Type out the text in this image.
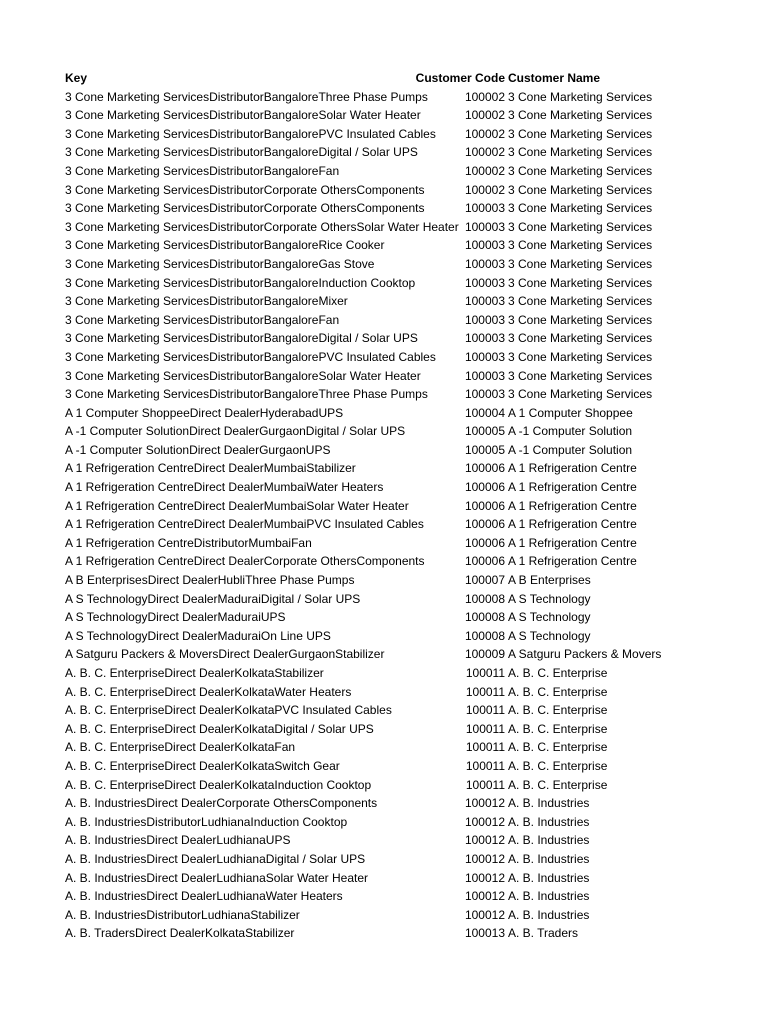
Key	Customer Code Customer Name
3 Cone Marketing ServicesDistributorBangaloreThree Phase Pumps	100002 3 Cone Marketing Services
3 Cone Marketing ServicesDistributorBangaloreSolar Water Heater	100002 3 Cone Marketing Services
3 Cone Marketing ServicesDistributorBangalorePVC Insulated Cables	100002 3 Cone Marketing Services
3 Cone Marketing ServicesDistributorBangaloreDigital / Solar UPS	100002 3 Cone Marketing Services
3 Cone Marketing ServicesDistributorBangaloreFan	100002 3 Cone Marketing Services
3 Cone Marketing ServicesDistributorCorporate OthersComponents	100002 3 Cone Marketing Services
3 Cone Marketing ServicesDistributorCorporate OthersComponents	100003 3 Cone Marketing Services
3 Cone Marketing ServicesDistributorCorporate OthersSolar Water Heater 100003 3 Cone Marketing Services
3 Cone Marketing ServicesDistributorBangaloreRice Cooker	100003 3 Cone Marketing Services
3 Cone Marketing ServicesDistributorBangaloreGas Stove	100003 3 Cone Marketing Services
3 Cone Marketing ServicesDistributorBangaloreInduction Cooktop	100003 3 Cone Marketing Services
3 Cone Marketing ServicesDistributorBangaloreMixer	100003 3 Cone Marketing Services
3 Cone Marketing ServicesDistributorBangaloreFan	100003 3 Cone Marketing Services
3 Cone Marketing ServicesDistributorBangaloreDigital / Solar UPS	100003 3 Cone Marketing Services
3 Cone Marketing ServicesDistributorBangalorePVC Insulated Cables	100003 3 Cone Marketing Services
3 Cone Marketing ServicesDistributorBangaloreSolar Water Heater	100003 3 Cone Marketing Services
3 Cone Marketing ServicesDistributorBangaloreThree Phase Pumps	100003 3 Cone Marketing Services
A 1 Computer ShoppeeDirect DealerHyderabadUPS	100004 A 1 Computer Shoppee
A -1 Computer SolutionDirect DealerGurgaonDigital / Solar UPS	100005 A -1 Computer Solution
A -1 Computer SolutionDirect DealerGurgaonUPS	100005 A -1 Computer Solution
A 1 Refrigeration CentreDirect DealerMumbaiStabilizer	100006 A 1 Refrigeration Centre
A 1 Refrigeration CentreDirect DealerMumbaiWater Heaters	100006 A 1 Refrigeration Centre
A 1 Refrigeration CentreDirect DealerMumbaiSolar Water Heater	100006 A 1 Refrigeration Centre
A 1 Refrigeration CentreDirect DealerMumbaiPVC Insulated Cables	100006 A 1 Refrigeration Centre
A 1 Refrigeration CentreDistributorMumbaiFan	100006 A 1 Refrigeration Centre
A 1 Refrigeration CentreDirect DealerCorporate OthersComponents	100006 A 1 Refrigeration Centre
A B EnterprisesDirect DealerHubliThree Phase Pumps	100007 A B Enterprises
A S TechnologyDirect DealerMaduraiDigital / Solar UPS	100008 A S Technology
A S TechnologyDirect DealerMaduraiUPS	100008 A S Technology
A S TechnologyDirect DealerMaduraiOn Line UPS	100008 A S Technology
A Satguru Packers & MoversDirect DealerGurgaonStabilizer	100009 A Satguru Packers & Movers
A. B. C. EnterpriseDirect DealerKolkataStabilizer	100011 A. B. C. Enterprise
A. B. C. EnterpriseDirect DealerKolkataWater Heaters	100011 A. B. C. Enterprise
A. B. C. EnterpriseDirect DealerKolkataPVC Insulated Cables	100011 A. B. C. Enterprise
A. B. C. EnterpriseDirect DealerKolkataDigital / Solar UPS	100011 A. B. C. Enterprise
A. B. C. EnterpriseDirect DealerKolkataFan	100011 A. B. C. Enterprise
A. B. C. EnterpriseDirect DealerKolkataSwitch Gear	100011 A. B. C. Enterprise
A. B. C. EnterpriseDirect DealerKolkataInduction Cooktop	100011 A. B. C. Enterprise
A. B. IndustriesDirect DealerCorporate OthersComponents	100012 A. B. Industries
A. B. IndustriesDistributorLudhianaInduction Cooktop	100012 A. B. Industries
A. B. IndustriesDirect DealerLudhianaUPS	100012 A. B. Industries
A. B. IndustriesDirect DealerLudhianaDigital / Solar UPS	100012 A. B. Industries
A. B. IndustriesDirect DealerLudhianaSolar Water Heater	100012 A. B. Industries
A. B. IndustriesDirect DealerLudhianaWater Heaters	100012 A. B. Industries
A. B. IndustriesDistributorLudhianaStabilizer	100012 A. B. Industries
A. B. TradersDirect DealerKolkataStabilizer	100013 A. B. Traders
